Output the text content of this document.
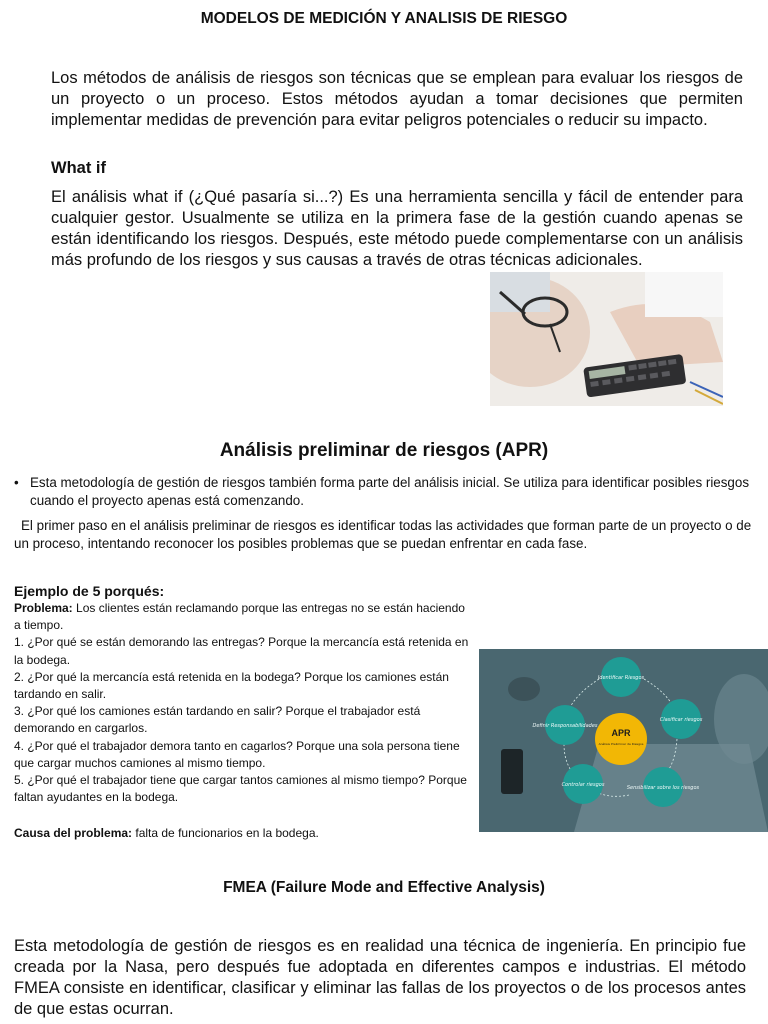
MODELOS DE MEDICIÓN Y ANALISIS DE RIESGO
Los métodos de análisis de riesgos son técnicas que se emplean para evaluar los riesgos de un proyecto o un proceso. Estos métodos ayudan a tomar decisiones que permiten implementar medidas de prevención para evitar peligros potenciales o reducir su impacto.
What if
El análisis what if (¿Qué pasaría si...?) Es una herramienta sencilla y fácil de entender para cualquier gestor. Usualmente se utiliza en la primera fase de la gestión cuando apenas se están identificando los riesgos. Después, este método puede complementarse con un análisis más profundo de los riesgos y sus causas a través de otras técnicas adicionales.
Análisis preliminar de riesgos (APR)
• Esta metodología de gestión de riesgos también forma parte del análisis inicial. Se utiliza para identificar posibles riesgos cuando el proyecto apenas está comenzando.
El primer paso en el análisis preliminar de riesgos es identificar todas las actividades que forman parte de un proyecto o de un proceso, intentando reconocer los posibles problemas que se puedan enfrentar en cada fase.
Ejemplo de 5 porqués:
Problema: Los clientes están reclamando porque las entregas no se están haciendo a tiempo.
1. ¿Por qué se están demorando las entregas? Porque la mercancía está retenida en la bodega.
2. ¿Por qué la mercancía está retenida en la bodega? Porque los camiones están tardando en salir.
3. ¿Por qué los camiones están tardando en salir? Porque el trabajador está demorando en cargarlos.
4. ¿Por qué el trabajador demora tanto en cagarlos? Porque una sola persona tiene que cargar muchos camiones al mismo tiempo.
5. ¿Por qué el trabajador tiene que cargar tantos camiones al mismo tiempo? Porque faltan ayudantes en la bodega.
Causa del problema: falta de funcionarios en la bodega.
APR
Análisis Preliminar de Riesgos
Identificar Riesgos
Clasificar riesgos
Sensibilizar sobre los riesgos
Controlar riesgos
Definir Responsabilidades
FMEA (Failure Mode and Effective Analysis)
Esta metodología de gestión de riesgos es en realidad una técnica de ingeniería. En principio fue creada por la Nasa, pero después fue adoptada en diferentes campos e industrias. El método FMEA consiste en identificar, clasificar y eliminar las fallas de los proyectos o de los procesos antes de que estas ocurran.
